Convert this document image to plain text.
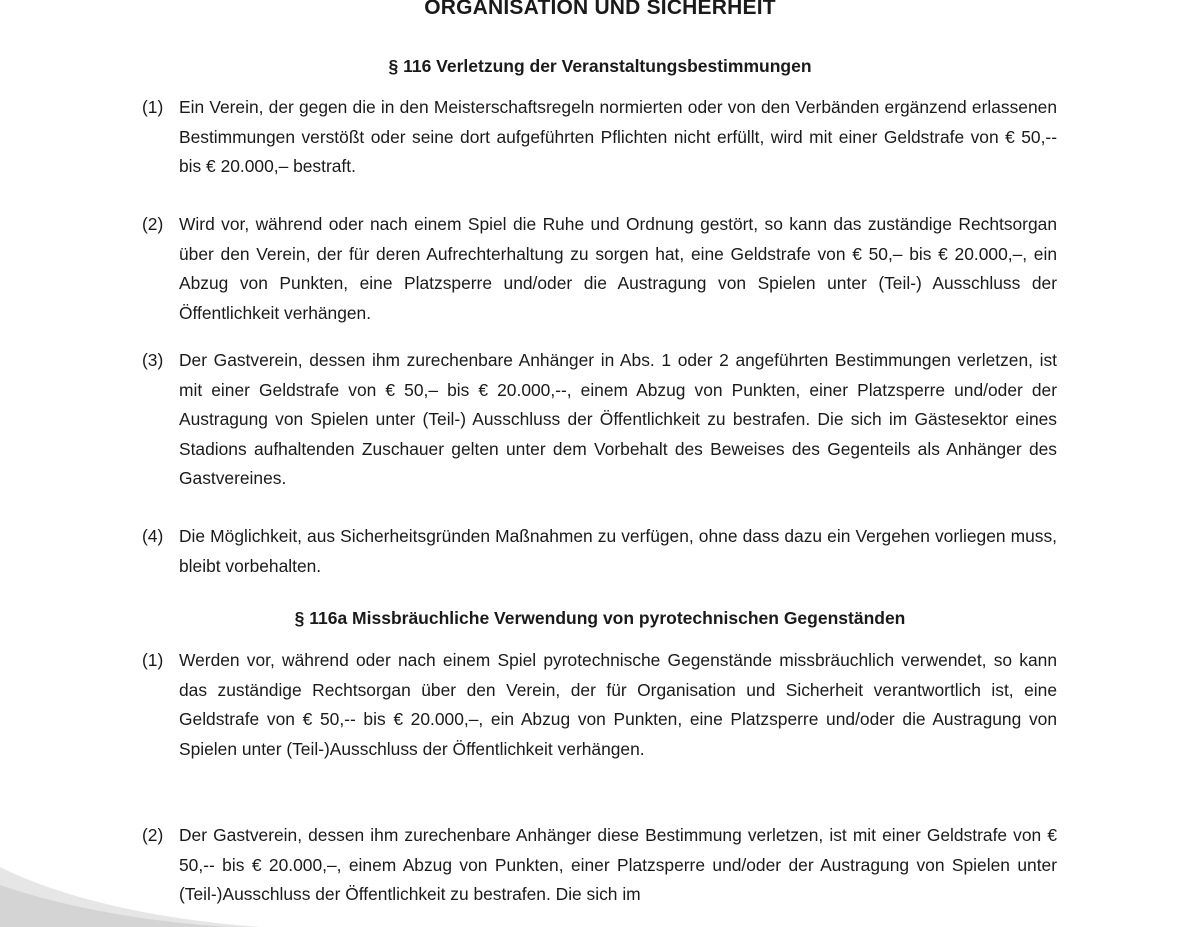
ORGANISATION UND SICHERHEIT
§ 116 Verletzung der Veranstaltungsbestimmungen
(1) Ein Verein, der gegen die in den Meisterschaftsregeln normierten oder von den Verbänden ergänzend erlassenen Bestimmungen verstößt oder seine dort aufgeführten Pflichten nicht erfüllt, wird mit einer Geldstrafe von € 50,-- bis € 20.000,– bestraft.
(2) Wird vor, während oder nach einem Spiel die Ruhe und Ordnung gestört, so kann das zuständige Rechtsorgan über den Verein, der für deren Aufrechterhaltung zu sorgen hat, eine Geldstrafe von € 50,– bis € 20.000,–, ein Abzug von Punkten, eine Platzsperre und/oder die Austragung von Spielen unter (Teil-) Ausschluss der Öffentlichkeit verhängen.
(3) Der Gastverein, dessen ihm zurechenbare Anhänger in Abs. 1 oder 2 angeführten Bestimmungen verletzen, ist mit einer Geldstrafe von € 50,– bis € 20.000,--, einem Abzug von Punkten, einer Platzsperre und/oder der Austragung von Spielen unter (Teil-) Ausschluss der Öffentlichkeit zu bestrafen. Die sich im Gästesektor eines Stadions aufhaltenden Zuschauer gelten unter dem Vorbehalt des Beweises des Gegenteils als Anhänger des Gastvereines.
(4) Die Möglichkeit, aus Sicherheitsgründen Maßnahmen zu verfügen, ohne dass dazu ein Vergehen vorliegen muss, bleibt vorbehalten.
§ 116a Missbräuchliche Verwendung von pyrotechnischen Gegenständen
(1) Werden vor, während oder nach einem Spiel pyrotechnische Gegenstände missbräuchlich verwendet, so kann das zuständige Rechtsorgan über den Verein, der für Organisation und Sicherheit verantwortlich ist, eine Geldstrafe von € 50,-- bis € 20.000,–, ein Abzug von Punkten, eine Platzsperre und/oder die Austragung von Spielen unter (Teil-)Ausschluss der Öffentlichkeit verhängen.
(2) Der Gastverein, dessen ihm zurechenbare Anhänger diese Bestimmung verletzen, ist mit einer Geldstrafe von € 50,-- bis € 20.000,–, einem Abzug von Punkten, einer Platzsperre und/oder der Austragung von Spielen unter (Teil-)Ausschluss der Öffentlichkeit zu bestrafen. Die sich im
